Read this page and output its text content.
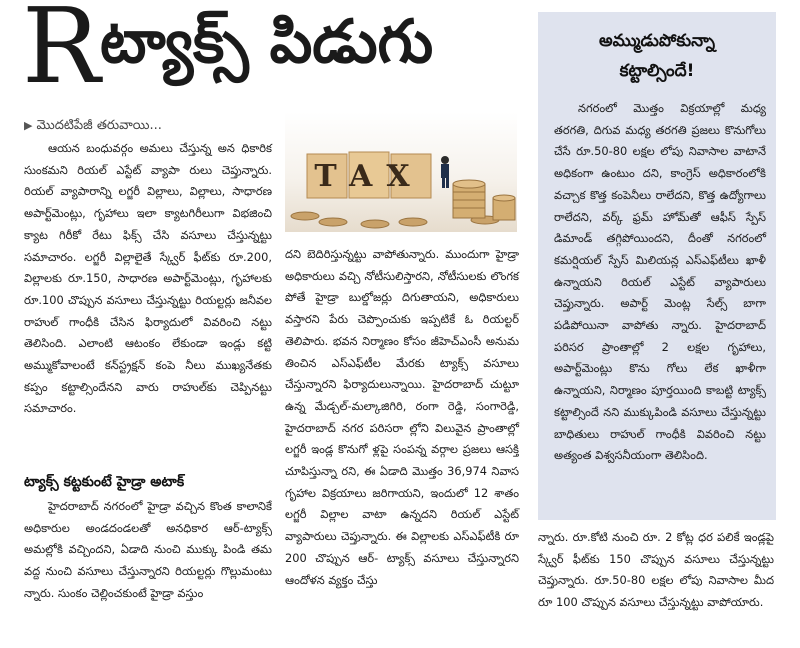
R ట్యాక్స్ పిడుగు
▶ మొదటిపేజీ తరువాయి...

ఆయన బంధువర్గం అమలు చేస్తున్న అన ధికారిక సుంకమని రియల్ ఎస్టేట్ వ్యాపా రులు చెప్తున్నారు. రియల్ వ్యాపారాన్ని లగ్జరీ విల్లాలు, విల్లాలు, సాధారణ అపార్ట్‌మెంట్లు, గృహాలు ఇలా క్యాటగిరీలుగా విభజించి క్యాట గిరీకో రేటు ఫిక్స్ చేసి వసూలు చేస్తున్నట్టు సమాచారం. లగ్జరీ విల్లాలైతే స్క్వేర్ ఫీట్‌కు రూ.200, విల్లాలకు రూ.150, సాధారణ అపార్ట్‌మెంట్లు, గృహాలకు రూ.100 చొప్పున వసూలు చేస్తున్నట్టు రియల్టర్లు జనీవల రాహుల్ గాంధీకి చేసిన ఫిర్యాదులో వివరించి నట్టు తెలిసింది. ఎలాంటి ఆటంకం లేకుండా ఇండ్లు కట్టి అమ్ముకోవాలంటే కన్‌స్ట్రక్షన్ కంపె నీలు ముఖ్యనేతకు కప్పం కట్టాల్సిందేనని వారు రాహుల్‌కు చెప్పినట్టు సమాచారం.

ట్యాక్స్ కట్టకుంటే హైడ్రా అటాక్

హైదరాబాద్ నగరంలో హైడ్రా వచ్చిన కొంత కాలానికే అధికారుల అండదండలతో అనధికార ఆర్-ట్యాక్స్ అమల్లోకి వచ్చిందని, ఏడాది నుంచి ముక్కు పిండి తమ వద్ద నుంచి వసూలు చేస్తున్నారని రియల్టర్లు గొల్లుమంటు న్నారు. సుంకం చెల్లించకుంటే హైడ్రా వస్తుం

TAX

దని బెదిరిస్తున్నట్టు వాపోతున్నారు. ముందుగా హైడ్రా అధికారులు వచ్చి నోటీసులిస్తారని, నోటీసులకు లొంగక పోతే హైడ్రా బుల్డోజర్లు దిగుతాయని, అధికారులు వస్తారని పేరు చెప్పొంచుకు ఇప్పటికే ఓ రియల్టర్ తెలిపారు. భవన నిర్మాణం కోసం జీహెచ్ఎంసీ అనుమ తించిన ఎస్ఎఫ్‌టీల మేరకు ట్యాక్స్ వసూలు చేస్తున్నారని ఫిర్యాదులున్నాయి. హైదరాబాద్ చుట్టూ ఉన్న మేడ్చల్-మల్కాజిగిరి, రంగా రెడ్డి, సంగారెడ్డి, హైదరాబాద్ నగర పరిసరా ల్లోని విలువైన ప్రాంతాల్లో లగ్జరీ ఇండ్ల కొనుగో ళ్లపై సంపన్న వర్గాల ప్రజలు ఆసక్తి చూపిస్తున్నా రని, ఈ ఏడాది మొత్తం 36,974 నివాస గృహాల విక్రయాలు జరిగాయని, ఇందులో 12 శాతం లగ్జరీ విల్లాల వాటా ఉన్నదని రియల్ ఎస్టేట్ వ్యాపారులు చెప్తున్నారు. ఈ విల్లాలకు ఎస్ఎఫ్‌టీకి రూ 200 చొప్పున ఆర్- ట్యాక్స్ వసూలు చేస్తున్నారని ఆందోళన వ్యక్తం చేస్తు

అమ్ముడుపోకున్నా
కట్టాల్సిందే!

నగరంలో మొత్తం విక్రయాల్లో మధ్య తరగతి, దిగువ మధ్య తరగతి ప్రజలు కొనుగోలు చేసే రూ.50-80 లక్షల లోపు నివాసాల వాటానే అధికంగా ఉంటుం దని, కాంగ్రెస్ అధికారంలోకి వచ్చాక కొత్త కంపెనీలు రాలేదని, కొత్త ఉద్యోగాలు రాలేదని, వర్క్ ఫ్రమ్ హోమ్‌తో ఆఫీస్ స్పేస్ డిమాండ్ తగ్గిపోయిందని, దీంతో నగరంలో కమర్షియల్ స్పేస్ మిలియన్ల ఎస్ఎఫ్‌టీలు ఖాళీ ఉన్నాయని రియల్ ఎస్టేట్ వ్యాపారులు చెప్తున్నారు. అపార్ట్ మెంట్ల సేల్స్ బాగా పడిపోయినా వాపోతు న్నారు. హైదరాబాద్ పరిసర ప్రాంతాల్లో 2 లక్షల గృహాలు, అపార్ట్‌మెంట్లు కొను గోలు లేక ఖాళీగా ఉన్నాయని, నిర్మాణం పూర్తయింది కాబట్టి ట్యాక్స్ కట్టాల్సిందే నని ముక్కుపిండి వసూలు చేస్తున్నట్టు బాధితులు రాహుల్ గాంధీకి వివరించి నట్టు అత్యంత విశ్వసనీయంగా తెలిసింది.

న్నారు. రూ.కోటి నుంచి రూ. 2 కోట్ల ధర పలికే ఇండ్లపై స్క్వేర్ ఫీట్‌కు 150 చొప్పున వసూలు చేస్తున్నట్టు చెప్తున్నారు. రూ.50-80 లక్షల లోపు నివాసాల మీద రూ 100 చొప్పున వసూలు చేస్తున్నట్టు వాపోయారు.
